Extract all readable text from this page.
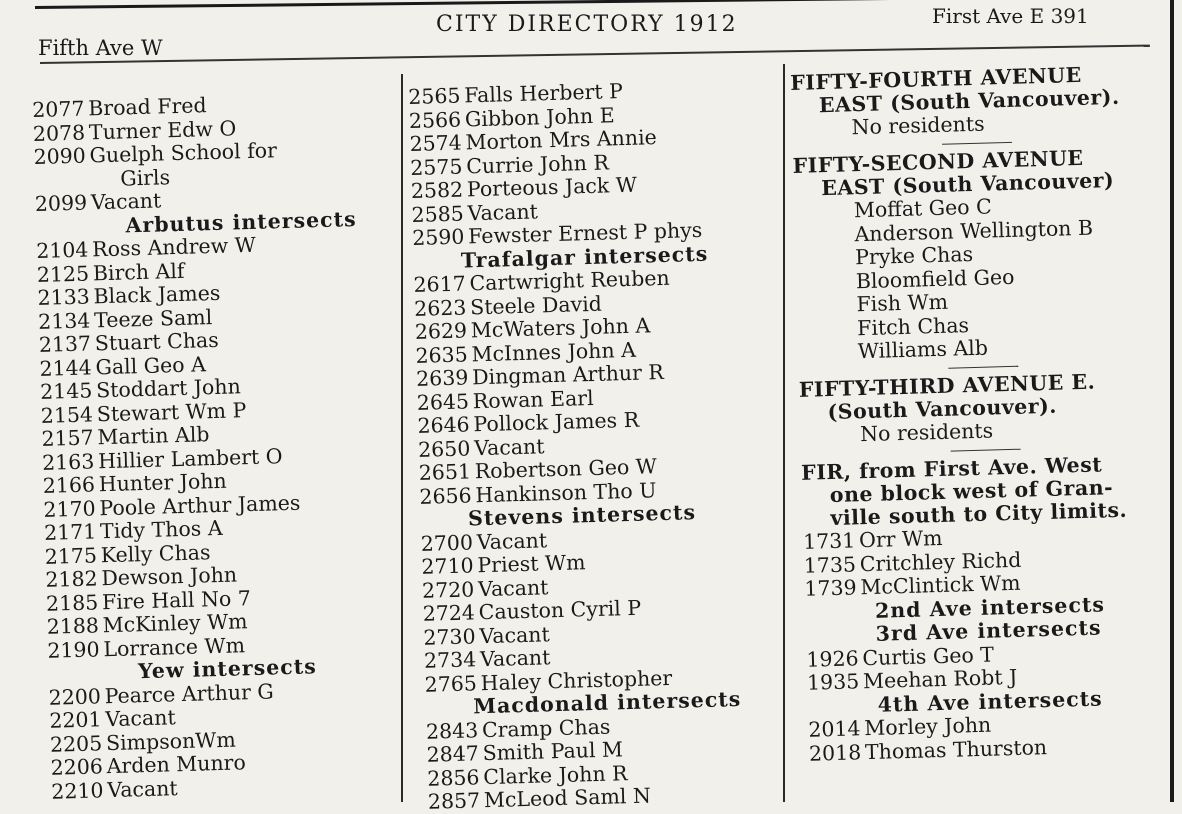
Fifth Ave W
CITY DIRECTORY 1912	First Ave E 391
2077 Broad Fred
2078 Turner Edw O
2090 Guelph School for
Girls
2099 Vacant
Arbutus intersects
2104 Ross Andrew W
2125 Birch Alf
2133 Black James
2134 Teeze Saml
2137 Stuart Chas
2144 Gall Geo A
2145 Stoddart John
2154 Stewart Wm P
2157 Martin Alb
2163 Hillier Lambert O
2166 Hunter John
2170 Poole Arthur James
2171 Tidy Thos A
2175 Kelly Chas
2182 Dewson John
2185 Fire Hall No 7
2188 McKinley Wm
2190 Lorrance Wm
Yew intersects
2200 Pearce Arthur G
2201 Vacant
2205 SimpsonWm
2206 Arden Munro
2210 Vacant
2565 Falls Herbert P
2566 Gibbon John E
2574 Morton Mrs Annie
2575 Currie John R
2582 Porteous Jack W
2585 Vacant
2590 Fewster Ernest P phys
Trafalgar intersects
2617 Cartwright Reuben
2623 Steele David
2629 McWaters John A
2635 McInnes John A
2639 Dingman Arthur R
2645 Rowan Earl
2646 Pollock James R
2650 Vacant
2651 Robertson Geo W
2656 Hankinson Tho U
Stevens intersects
2700 Vacant
2710 Priest Wm
2720 Vacant
2724 Causton Cyril P
2730 Vacant
2734 Vacant
2765 Haley Christopher
Macdonald intersects
2843 Cramp Chas
2847 Smith Paul M
2856 Clarke John R
2857 McLeod Saml N
FIFTY-FOURTH AVENUE
EAST (South Vancouver).
No residents
FIFTY-SECOND AVENUE
EAST (South Vancouver)
Moffat Geo C
Anderson Wellington B
Pryke Chas
Bloomfield Geo
Fish Wm
Fitch Chas
Williams Alb
FIFTY-THIRD AVENUE E.
(South Vancouver).
No residents
FIR, from First Ave. West
one block west of Gran-
ville south to City limits.
1731 Orr Wm
1735 Critchley Richd
1739 McClintick Wm
2nd Ave intersects
3rd Ave intersects
1926 Curtis Geo T
1935 Meehan Robt J
4th Ave intersects
2014 Morley John
2018 Thomas Thurston
